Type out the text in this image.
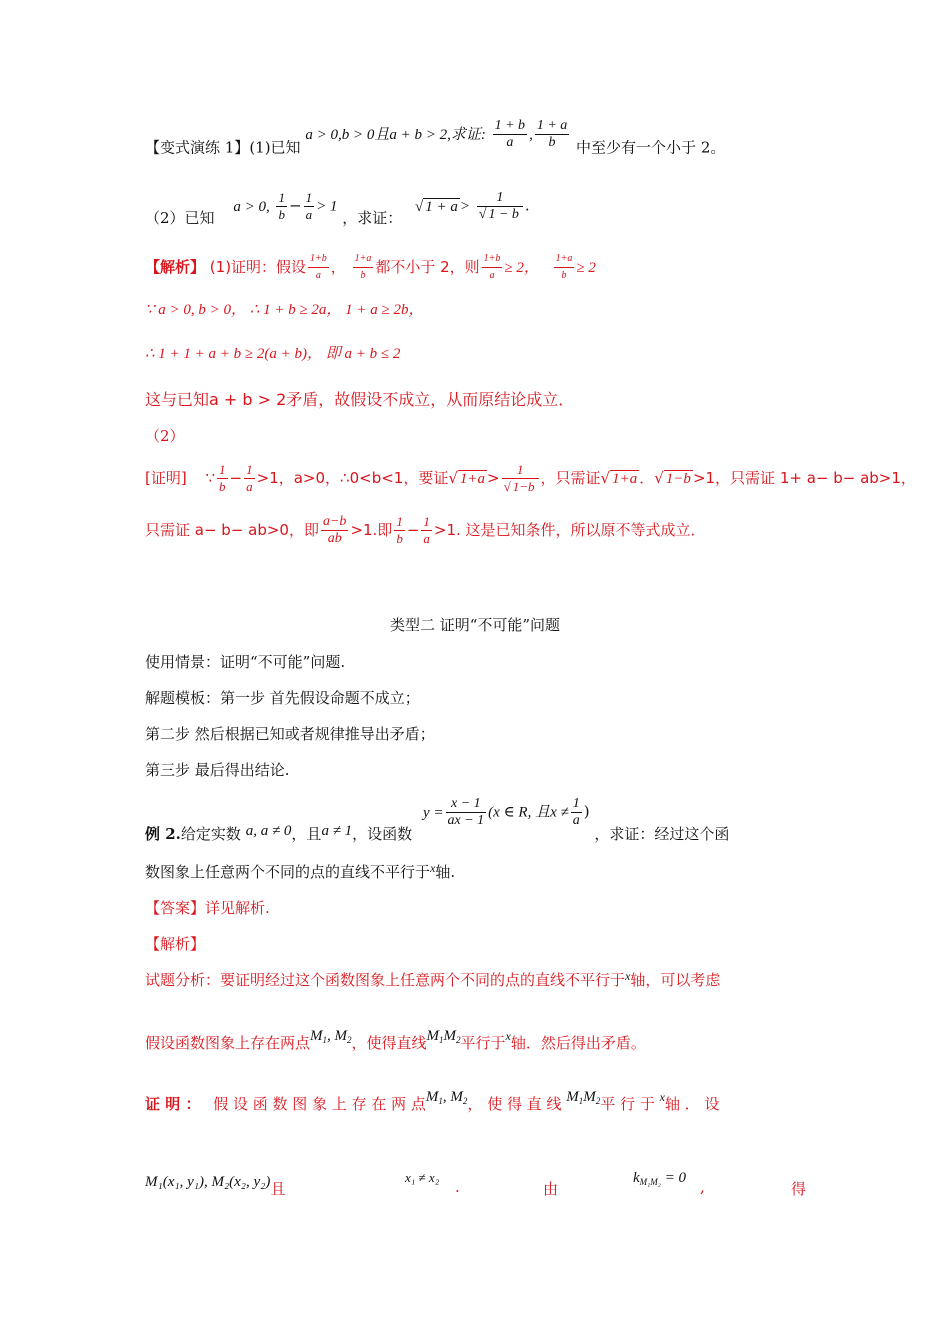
【变式演练 1】(1)已知 a > 0,b > 0且a + b > 2,求证: $\frac{1 + b}{a}$ , $\frac{1 + a}{b}$ 中至少有一个小于 2。
（2）已知 a > 0, $\frac{1}{b} - \frac{1}{a} > 1$ ，求证： √ $1 + a > \frac{1}{√ 1 - b}$ .
【解析】 (1)证明：假设 $\frac{1+b}{a}$ ， $\frac{1+a}{b}$ 都不小于 2，则 $\frac{1+b}{a} \ge 2$， $\frac{1+a}{b} \ge 2$
∵ a > 0, b > 0， ∴ 1 + b ≥ 2a， 1 + a ≥ 2b，
∴ 1 + 1 + a + b ≥ 2(a + b)， 即 a + b ≤ 2
这与已知a + b > 2矛盾，故假设不成立，从而原结论成立．
（2）
[证明] ∵ $\frac{1}{b} - \frac{1}{a} >1$，a>0，∴0<b<1，要证√ $1+a > \frac{1}{√ 1-b}$ ，只需证√ 1+a ．√ 1−b >1，只需证 1+ a− b− ab>1，
只需证 a− b− ab>0，即 $\frac{a-b}{ab} >1$.即 $\frac{1}{b} - \frac{1}{a} >1$. 这是已知条件，所以原不等式成立．
类型二 证明“不可能”问题
使用情景：证明“不可能”问题.
解题模板：第一步 首先假设命题不成立；
第二步 然后根据已知或者规律推导出矛盾；
第三步 最后得出结论.
例 2.给定实数 a, a ≠ 0，且a ≠ 1，设函数 $y = \frac{x - 1}{ax - 1} (x$ ∈ R, 且$x \ne \frac{1}{a}$ ) ，求证：经过这个函
数图象上任意两个不同的点的直线不平行于$^x$轴.
【答案】详见解析.
【解析】
试题分析：要证明经过这个函数图象上任意两个不同的点的直线不平行于$^x$轴，可以考虑
假设函数图象上存在两点$M_1$, $M_2$，使得直线$M_1M_2$平行于x轴．然后得出矛盾。
证 明 ： 假 设 函 数 图 象 上 存 在 两 点$M_1$, $M_2$， 使 得 直 线 $M_1M_2$平 行 于 x轴 ． 设
M₁(x₁, y₁), M₂(x₂, y₂)且
x₁ ≠ x₂
.	由
$k_{M_1M_2} = 0$ ,	得
